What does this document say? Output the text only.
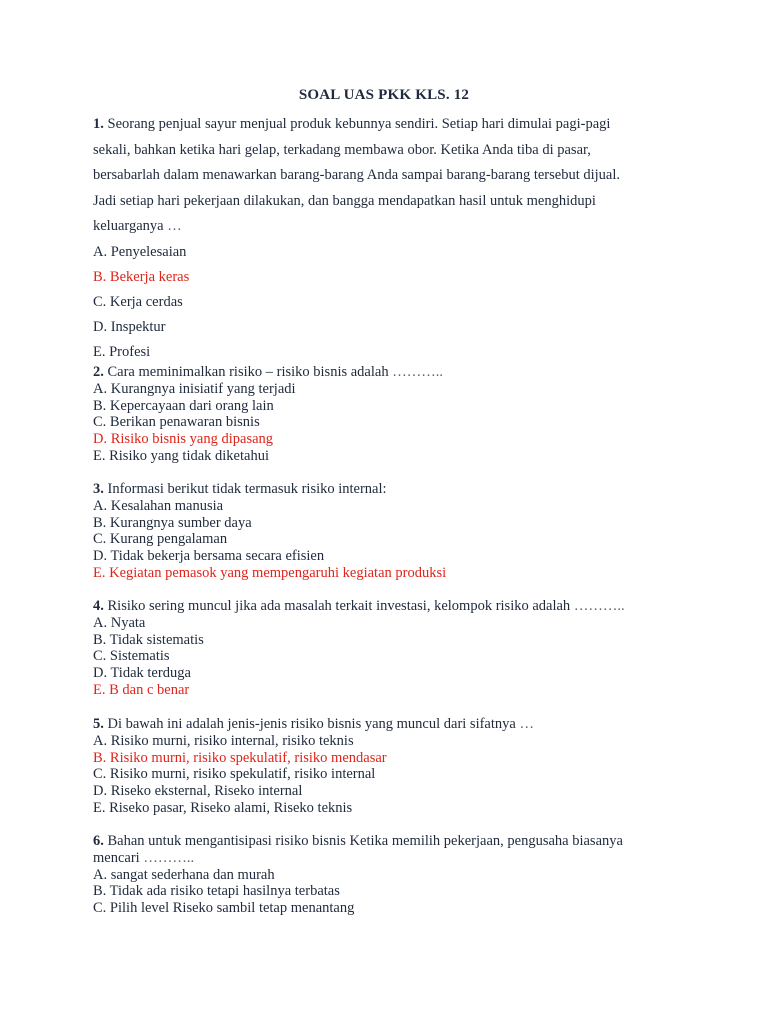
SOAL UAS PKK KLS. 12
1. Seorang penjual sayur menjual produk kebunnya sendiri. Setiap hari dimulai pagi-pagi
sekali, bahkan ketika hari gelap, terkadang membawa obor. Ketika Anda tiba di pasar,
bersabarlah dalam menawarkan barang-barang Anda sampai barang-barang tersebut dijual.
Jadi setiap hari pekerjaan dilakukan, dan bangga mendapatkan hasil untuk menghidupi
keluarganya …
A. Penyelesaian
B. Bekerja keras
C. Kerja cerdas
D. Inspektur
E. Profesi
2. Cara meminimalkan risiko – risiko bisnis adalah ………..
A. Kurangnya inisiatif yang terjadi
B. Kepercayaan dari orang lain
C. Berikan penawaran bisnis
D. Risiko bisnis yang dipasang
E. Risiko yang tidak diketahui
3. Informasi berikut tidak termasuk risiko internal:
A. Kesalahan manusia
B. Kurangnya sumber daya
C. Kurang pengalaman
D. Tidak bekerja bersama secara efisien
E. Kegiatan pemasok yang mempengaruhi kegiatan produksi
4. Risiko sering muncul jika ada masalah terkait investasi, kelompok risiko adalah ………..
A. Nyata
B. Tidak sistematis
C. Sistematis
D. Tidak terduga
E. B dan c benar
5. Di bawah ini adalah jenis-jenis risiko bisnis yang muncul dari sifatnya …
A. Risiko murni, risiko internal, risiko teknis
B. Risiko murni, risiko spekulatif, risiko mendasar
C. Risiko murni, risiko spekulatif, risiko internal
D. Riseko eksternal, Riseko internal
E. Riseko pasar, Riseko alami, Riseko teknis
6. Bahan untuk mengantisipasi risiko bisnis Ketika memilih pekerjaan, pengusaha biasanya
mencari ………..
A. sangat sederhana dan murah
B. Tidak ada risiko tetapi hasilnya terbatas
C. Pilih level Riseko sambil tetap menantang
